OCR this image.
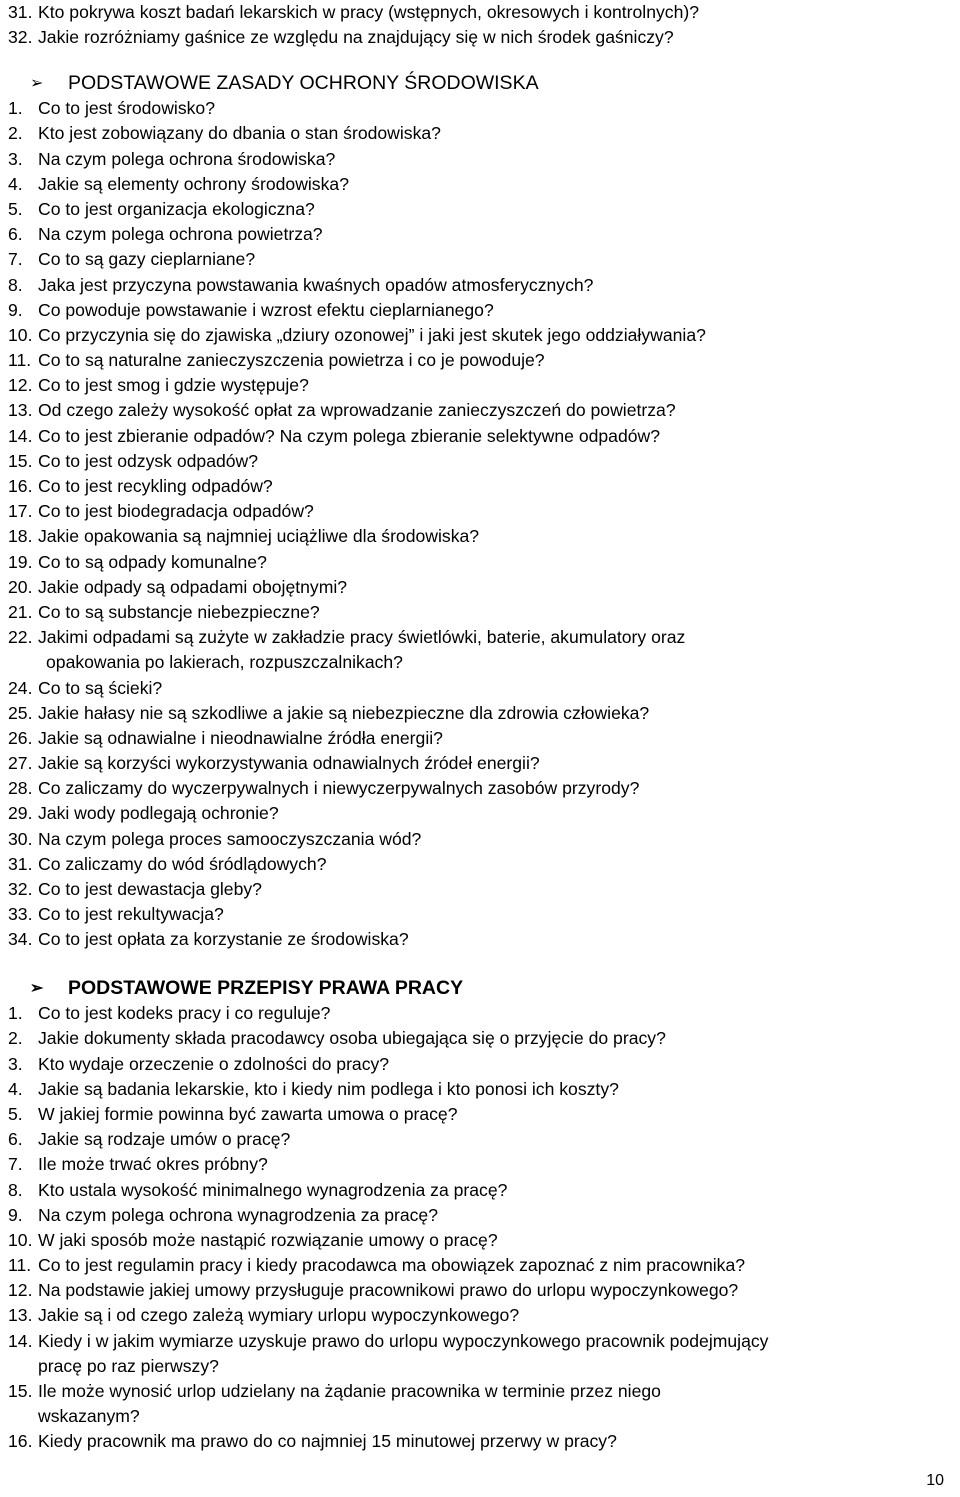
31. Kto pokrywa koszt badań lekarskich w pracy (wstępnych, okresowych i kontrolnych)?
32. Jakie rozróżniamy gaśnice ze względu na znajdujący się w nich środek gaśniczy?
➢	PODSTAWOWE ZASADY OCHRONY ŚRODOWISKA
1. Co to jest środowisko?
2. Kto jest zobowiązany do dbania o stan środowiska?
3. Na czym polega ochrona środowiska?
4. Jakie są elementy ochrony środowiska?
5. Co to jest organizacja ekologiczna?
6. Na czym polega ochrona powietrza?
7. Co to są gazy cieplarniane?
8. Jaka jest przyczyna powstawania kwaśnych opadów atmosferycznych?
9. Co powoduje powstawanie i wzrost efektu cieplarnianego?
10. Co przyczynia się do zjawiska „dziury ozonowej” i jaki jest skutek jego oddziaływania?
11. Co to są naturalne zanieczyszczenia powietrza i co je powoduje?
12. Co to jest smog i gdzie występuje?
13. Od czego zależy wysokość opłat za wprowadzanie zanieczyszczeń do powietrza?
14. Co to jest zbieranie odpadów? Na czym polega zbieranie selektywne odpadów?
15. Co to jest odzysk odpadów?
16. Co to jest recykling odpadów?
17. Co to jest biodegradacja odpadów?
18. Jakie opakowania są najmniej uciążliwe dla środowiska?
19. Co to są odpady komunalne?
20. Jakie odpady są odpadami obojętnymi?
21. Co to są substancje niebezpieczne?
22. Jakimi odpadami są zużyte w zakładzie pracy świetlówki, baterie, akumulatory oraz
opakowania po lakierach, rozpuszczalnikach?
24. Co to są ścieki?
25. Jakie hałasy nie są szkodliwe a jakie są niebezpieczne dla zdrowia człowieka?
26. Jakie są odnawialne i nieodnawialne źródła energii?
27. Jakie są korzyści wykorzystywania odnawialnych źródeł energii?
28. Co zaliczamy do wyczerpywalnych i niewyczerpywalnych zasobów przyrody?
29. Jaki wody podlegają ochronie?
30. Na czym polega proces samooczyszczania wód?
31. Co zaliczamy do wód śródlądowych?
32. Co to jest dewastacja gleby?
33. Co to jest rekultywacja?
34. Co to jest opłata za korzystanie ze środowiska?
➢	PODSTAWOWE PRZEPISY PRAWA PRACY
1. Co to jest kodeks pracy i co reguluje?
2. Jakie dokumenty składa pracodawcy osoba ubiegająca się o przyjęcie do pracy?
3. Kto wydaje orzeczenie o zdolności do pracy?
4. Jakie są badania lekarskie, kto i kiedy nim podlega i kto ponosi ich koszty?
5. W jakiej formie powinna być zawarta umowa o pracę?
6. Jakie są rodzaje umów o pracę?
7. Ile może trwać okres próbny?
8. Kto ustala wysokość minimalnego wynagrodzenia za pracę?
9. Na czym polega ochrona wynagrodzenia za pracę?
10. W jaki sposób może nastąpić rozwiązanie umowy o pracę?
11. Co to jest regulamin pracy i kiedy pracodawca ma obowiązek zapoznać z nim pracownika?
12. Na podstawie jakiej umowy przysługuje pracownikowi prawo do urlopu wypoczynkowego?
13. Jakie są i od czego zależą wymiary urlopu wypoczynkowego?
14. Kiedy i w jakim wymiarze uzyskuje prawo do urlopu wypoczynkowego pracownik podejmujący
pracę po raz pierwszy?
15. Ile może wynosić urlop udzielany na żądanie pracownika w terminie przez niego
wskazanym?
16. Kiedy pracownik ma prawo do co najmniej 15 minutowej przerwy w pracy?
10
